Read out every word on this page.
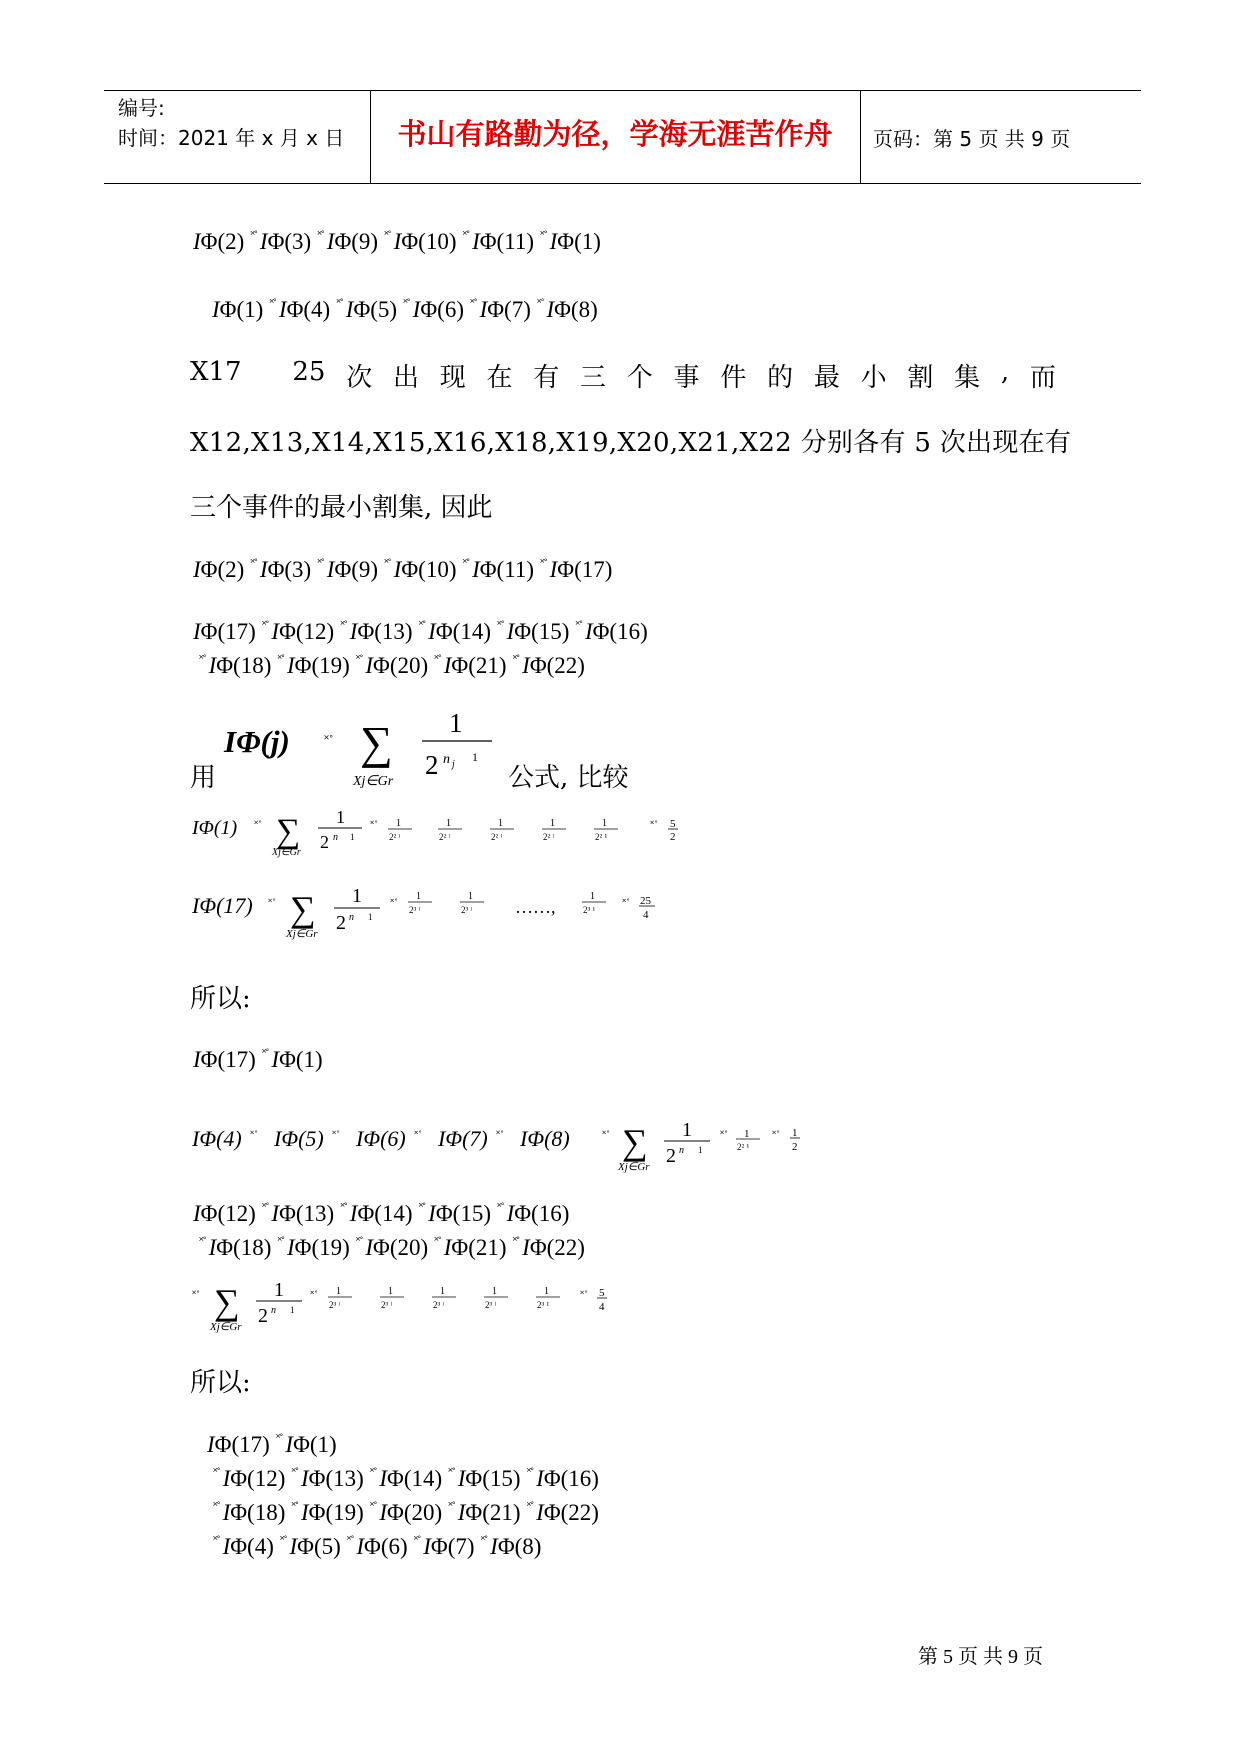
编号:
时间：2021 年 x 月 x 日	书山有路勤为径，学海无涯苦作舟	页码：第 5 页 共 9 页
IΦ(2) ˟˚ IΦ(3) ˟˚ IΦ(9) ˟˚ IΦ(10) ˟˚ IΦ(11) ˟˚ IΦ(1)
IΦ(1) ˟˚ IΦ(4) ˟˚ IΦ(5) ˟˚ IΦ(6) ˟˚ IΦ(7) ˟˚ IΦ(8)
X17 25 次 出 现 在 有 三 个 事 件 的 最 小 割 集 , 而
X12,X13,X14,X15,X16,X18,X19,X20,X21,X22 分别各有 5 次出现在有
三个事件的最小割集, 因此
IΦ(2) ˟˚ IΦ(3) ˟˚ IΦ(9) ˟˚ IΦ(10) ˟˚ IΦ(11) ˟˚ IΦ(17)
IΦ(17) ˟˚ IΦ(12) ˟˚ IΦ(13) ˟˚ IΦ(14) ˟˚ IΦ(15) ˟˚ IΦ(16)
˟˚ IΦ(18) ˟˚ IΦ(19) ˟˚ IΦ(20) ˟˚ IΦ(21) ˟˚ IΦ(22)
用
IΦ(j)	˟˚ ∑
Xj∈Gr
1
2 n j
1
公式, 比较
IΦ(1) ˟˚ ∑
Xj∈Gr
1
2 n 1
˟˚ 1
2² ˡ
1
2² ˡ
1
2² ˡ
1
2² ˡ
1
2² ¹
˟˚ 5
2
IΦ(17) ˟˚ ∑
Xj∈Gr
1
2 n 1
˟˚
1
2³ ˡ
1
2³ ˡ
1
2³ ¹
……,	˟˚ 25
4
所以:
IΦ(17) ˟˚ IΦ(1)
IΦ(4) ˟˚ IΦ(5) ˟˚ IΦ(6) ˟˚ IΦ(7) ˟˚ IΦ(8)	˟˚ ∑
Xj∈Gr
1
2 n 1
˟˚ 1
2² ¹
˟˚ 1
2
IΦ(12) ˟˚ IΦ(13) ˟˚ IΦ(14) ˟˚ IΦ(15) ˟˚ IΦ(16)
˟˚ IΦ(18) ˟˚ IΦ(19) ˟˚ IΦ(20) ˟˚ IΦ(21) ˟˚ IΦ(22)
˟˚ ∑
Xj∈Gr
1
2 n 1
˟˚ 1
2³ ˡ
1
2³ ˡ
1
2³ ˡ
1
2³ ˡ
1
2³ ¹
˟˚ 5
4
所以:
IΦ(17) ˟˚ IΦ(1)
˟˚ IΦ(12) ˟˚ IΦ(13) ˟˚ IΦ(14) ˟˚ IΦ(15) ˟˚ IΦ(16)
˟˚ IΦ(18) ˟˚ IΦ(19) ˟˚ IΦ(20) ˟˚ IΦ(21) ˟˚ IΦ(22)
˟˚ IΦ(4) ˟˚ IΦ(5) ˟˚ IΦ(6) ˟˚ IΦ(7) ˟˚ IΦ(8)
第 5 页 共 9 页
